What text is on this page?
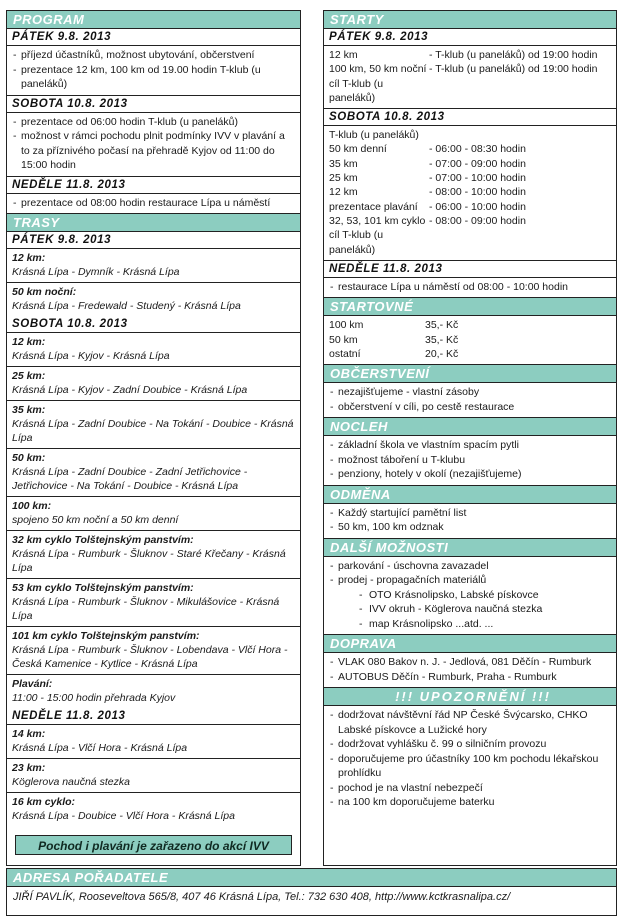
PROGRAM
PÁTEK 9.8. 2013
- příjezd účastníků, možnost ubytování, občerstvení
- prezentace 12 km, 100 km od 19.00 hodin T-klub (u paneláků)
SOBOTA 10.8. 2013
- prezentace od 06:00 hodin T-klub (u paneláků)
- možnost v rámci pochodu plnit podmínky IVV v plavání a to za příznivého počasí na přehradě Kyjov od 11:00 do 15:00 hodin
NEDĚLE 11.8. 2013
- prezentace od 08:00 hodin restaurace Lípa u náměstí
TRASY
PÁTEK 9.8. 2013
12 km:
Krásná Lípa - Dymník - Krásná Lípa
50 km noční:
Krásná Lípa - Fredewald - Studený - Krásná Lípa
SOBOTA 10.8. 2013
12 km:
Krásná Lípa - Kyjov - Krásná Lípa
25 km:
Krásná Lípa - Kyjov - Zadní Doubice - Krásná Lípa
35 km:
Krásná Lípa - Zadní Doubice - Na Tokání - Doubice - Krásná Lípa
50 km:
Krásná Lípa - Zadní Doubice - Zadní Jetřichovice - Jetřichovice - Na Tokání - Doubice - Krásná Lípa
100 km:
spojeno 50 km noční a 50 km denní
32 km cyklo Tolštejnským panstvím:
Krásná Lípa - Rumburk - Šluknov - Staré Křečany - Krásná Lípa
53 km cyklo Tolštejnským panstvím:
Krásná Lípa - Rumburk - Šluknov - Mikulášovice - Krásná Lípa
101 km cyklo Tolštejnským panstvím:
Krásná Lípa - Rumburk - Šluknov - Lobendava - Vlčí Hora - Česká Kamenice - Kytlice - Krásná Lípa
Plavání:
11:00 - 15:00 hodin přehrada Kyjov
NEDĚLE 11.8. 2013
14 km:
Krásná Lípa - Vlčí Hora - Krásná Lípa
23 km:
Köglerova naučná stezka
16 km cyklo:
Krásná Lípa - Doubice - Vlčí Hora - Krásná Lípa
Pochod i plavání je zařazeno do akcí IVV
STARTY
PÁTEK 9.8. 2013
12 km	- T-klub (u paneláků) od 19:00 hodin
100 km, 50 km noční - T-klub (u paneláků) od 19:00 hodin
cíl T-klub (u paneláků)
SOBOTA 10.8. 2013
T-klub (u paneláků)
50 km denní	- 06:00 - 08:30 hodin
35 km	- 07:00 - 09:00 hodin
25 km	- 07:00 - 10:00 hodin
12 km	- 08:00 - 10:00 hodin
prezentace plavání	- 06:00 - 10:00 hodin
32, 53, 101 km cyklo - 08:00 - 09:00 hodin
cíl T-klub (u paneláků)
NEDĚLE 11.8. 2013
- restaurace Lípa u náměstí od 08:00 - 10:00 hodin
STARTOVNÉ
100 km	35,- Kč
50 km	35,- Kč
ostatní	20,- Kč
OBČERSTVENÍ
- nezajišťujeme - vlastní zásoby
- občerstvení v cíli, po cestě restaurace
NOCLEH
- základní škola ve vlastním spacím pytli
- možnost táboření u T-klubu
- penziony, hotely v okolí (nezajišťujeme)
ODMĚNA
- Každý startující pamětní list
- 50 km, 100 km odznak
DALŠÍ MOŽNOSTI
- parkování - úschovna zavazadel
- prodej - propagačních materiálů
- OTO Krásnolipsko, Labské pískovce
- IVV okruh - Köglerova naučná stezka
- map Krásnolipsko ...atd. ...
DOPRAVA
- VLAK 080 Bakov n. J. - Jedlová, 081 Děčín - Rumburk
- AUTOBUS Děčín - Rumburk, Praha - Rumburk
!!! UPOZORNĚNÍ !!!
- dodržovat návštěvní řád NP České Švýcarsko, CHKO Labské pískovce a Lužické hory
- dodržovat vyhlášku č. 99 o silničním provozu
- doporučujeme pro účastníky 100 km pochodu lékařskou prohlídku
- pochod je na vlastní nebezpečí
- na 100 km doporučujeme baterku
ADRESA POŘADATELE
JIŘÍ PAVLÍK, Rooseveltova 565/8, 407 46 Krásná Lípa, Tel.: 732 630 408, http://www.kctkrasnalipa.cz/
